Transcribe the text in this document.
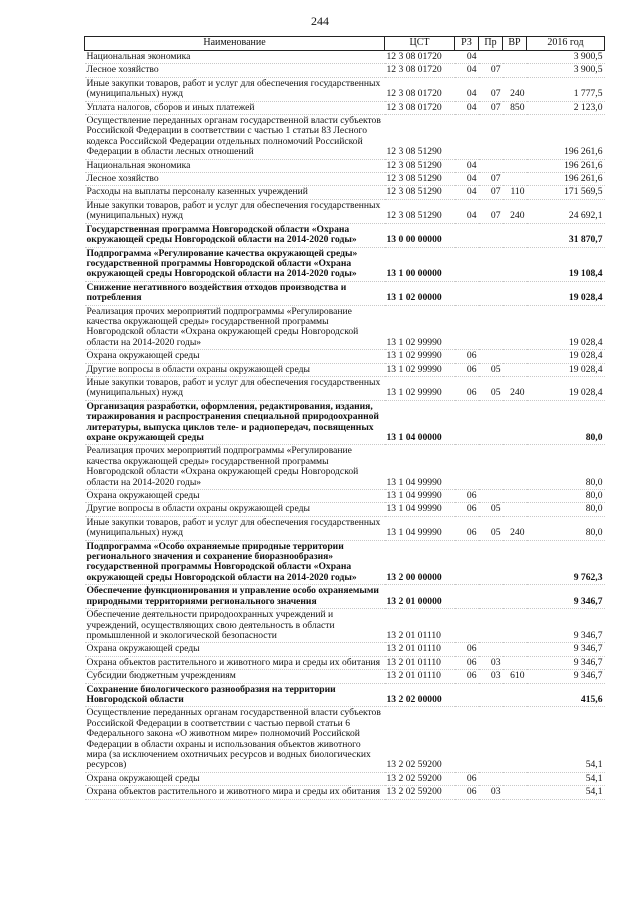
244
Наименование	ЦСТ	РЗ	Пр	ВР	2016 год
Национальная экономика	12 3 08 01720	04			3 900,5
Лесное хозяйство	12 3 08 01720	04	07		3 900,5
Иные закупки товаров, работ и услуг для обеспечения государственных (муниципальных) нужд	12 3 08 01720	04	07	240	1 777,5
Уплата налогов, сборов и иных платежей	12 3 08 01720	04	07	850	2 123,0
Осуществление переданных органам государственной власти субъектов Российской Федерации в соответствии с частью 1 статьи 83 Лесного кодекса Российской Федерации отдельных полномочий Российской Федерации в области лесных отношений	12 3 08 51290				196 261,6
Национальная экономика	12 3 08 51290	04			196 261,6
Лесное хозяйство	12 3 08 51290	04	07		196 261,6
Расходы на выплаты персоналу казенных учреждений	12 3 08 51290	04	07	110	171 569,5
Иные закупки товаров, работ и услуг для обеспечения государственных (муниципальных) нужд	12 3 08 51290	04	07	240	24 692,1
Государственная программа Новгородской области «Охрана окружающей среды Новгородской области на 2014-2020 годы»	13 0 00 00000				31 870,7
Подпрограмма «Регулирование качества окружающей среды» государственной программы Новгородской области «Охрана окружающей среды Новгородской области на 2014-2020 годы»	13 1 00 00000				19 108,4
Снижение негативного воздействия отходов производства и потребления	13 1 02 00000				19 028,4
Реализация прочих мероприятий подпрограммы «Регулирование качества окружающей среды» государственной программы Новгородской области «Охрана окружающей среды Новгородской области на 2014-2020 годы»	13 1 02 99990				19 028,4
Охрана окружающей среды	13 1 02 99990	06			19 028,4
Другие вопросы в области охраны окружающей среды	13 1 02 99990	06	05		19 028,4
Иные закупки товаров, работ и услуг для обеспечения государственных (муниципальных) нужд	13 1 02 99990	06	05	240	19 028,4
Организация разработки, оформления, редактирования, издания, тиражирования и распространения специальной природоохранной литературы, выпуска циклов теле- и радиопередач, посвященных охране окружающей среды	13 1 04 00000				80,0
Реализация прочих мероприятий подпрограммы «Регулирование качества окружающей среды» государственной программы Новгородской области «Охрана окружающей среды Новгородской области на 2014-2020 годы»	13 1 04 99990				80,0
Охрана окружающей среды	13 1 04 99990	06			80,0
Другие вопросы в области охраны окружающей среды	13 1 04 99990	06	05		80,0
Иные закупки товаров, работ и услуг для обеспечения государственных (муниципальных) нужд	13 1 04 99990	06	05	240	80,0
Подпрограмма «Особо охраняемые природные территории регионального значения и сохранение биоразнообразия» государственной программы Новгородской области «Охрана окружающей среды Новгородской области на 2014-2020 годы»	13 2 00 00000				9 762,3
Обеспечение функционирования и управление особо охраняемыми природными территориями регионального значения	13 2 01 00000				9 346,7
Обеспечение деятельности природоохранных учреждений и учреждений, осуществляющих свою деятельность в области промышленной и экологической безопасности	13 2 01 01110				9 346,7
Охрана окружающей среды	13 2 01 01110	06			9 346,7
Охрана объектов растительного и животного мира и среды их обитания	13 2 01 01110	06	03		9 346,7
Субсидии бюджетным учреждениям	13 2 01 01110	06	03	610	9 346,7
Сохранение биологического разнообразия на территории Новгородской области	13 2 02 00000				415,6
Осуществление переданных органам государственной власти субъектов Российской Федерации в соответствии с частью первой статьи 6 Федерального закона «О животном мире» полномочий Российской Федерации в области охраны и использования объектов животного мира (за исключением охотничьих ресурсов и водных биологических ресурсов)	13 2 02 59200				54,1
Охрана окружающей среды	13 2 02 59200	06			54,1
Охрана объектов растительного и животного мира и среды их обитания	13 2 02 59200	06	03		54,1
